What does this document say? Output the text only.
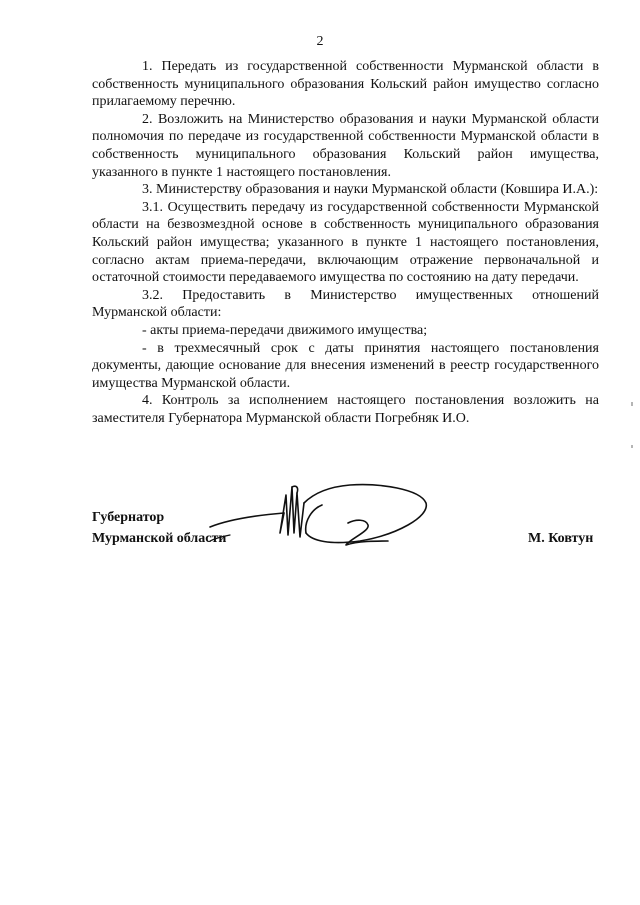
2

1. Передать из государственной собственности Мурманской области в собственность муниципального образования Кольский район имущество согласно прилагаемому перечню.

2. Возложить на Министерство образования и науки Мурманской области полномочия по передаче из государственной собственности Мурманской области в собственность муниципального образования Кольский район имущества, указанного в пункте 1 настоящего постановления.

3. Министерству образования и науки Мурманской области (Ковшира И.А.):

3.1. Осуществить передачу из государственной собственности Мурманской области на безвозмездной основе в собственность муниципального образования Кольский район имущества; указанного в пункте 1 настоящего постановления, согласно актам приема-передачи, включающим отражение первоначальной и остаточной стоимости передаваемого имущества по состоянию на дату передачи.

3.2. Предоставить в Министерство имущественных отношений Мурманской области:

- акты приема-передачи движимого имущества;

- в трехмесячный срок с даты принятия настоящего постановления документы, дающие основание для внесения изменений в реестр государственного имущества Мурманской области.

4. Контроль за исполнением настоящего постановления возложить на заместителя Губернатора Мурманской области Погребняк И.О.

Губернатор
Мурманской области	М. Ковтун
